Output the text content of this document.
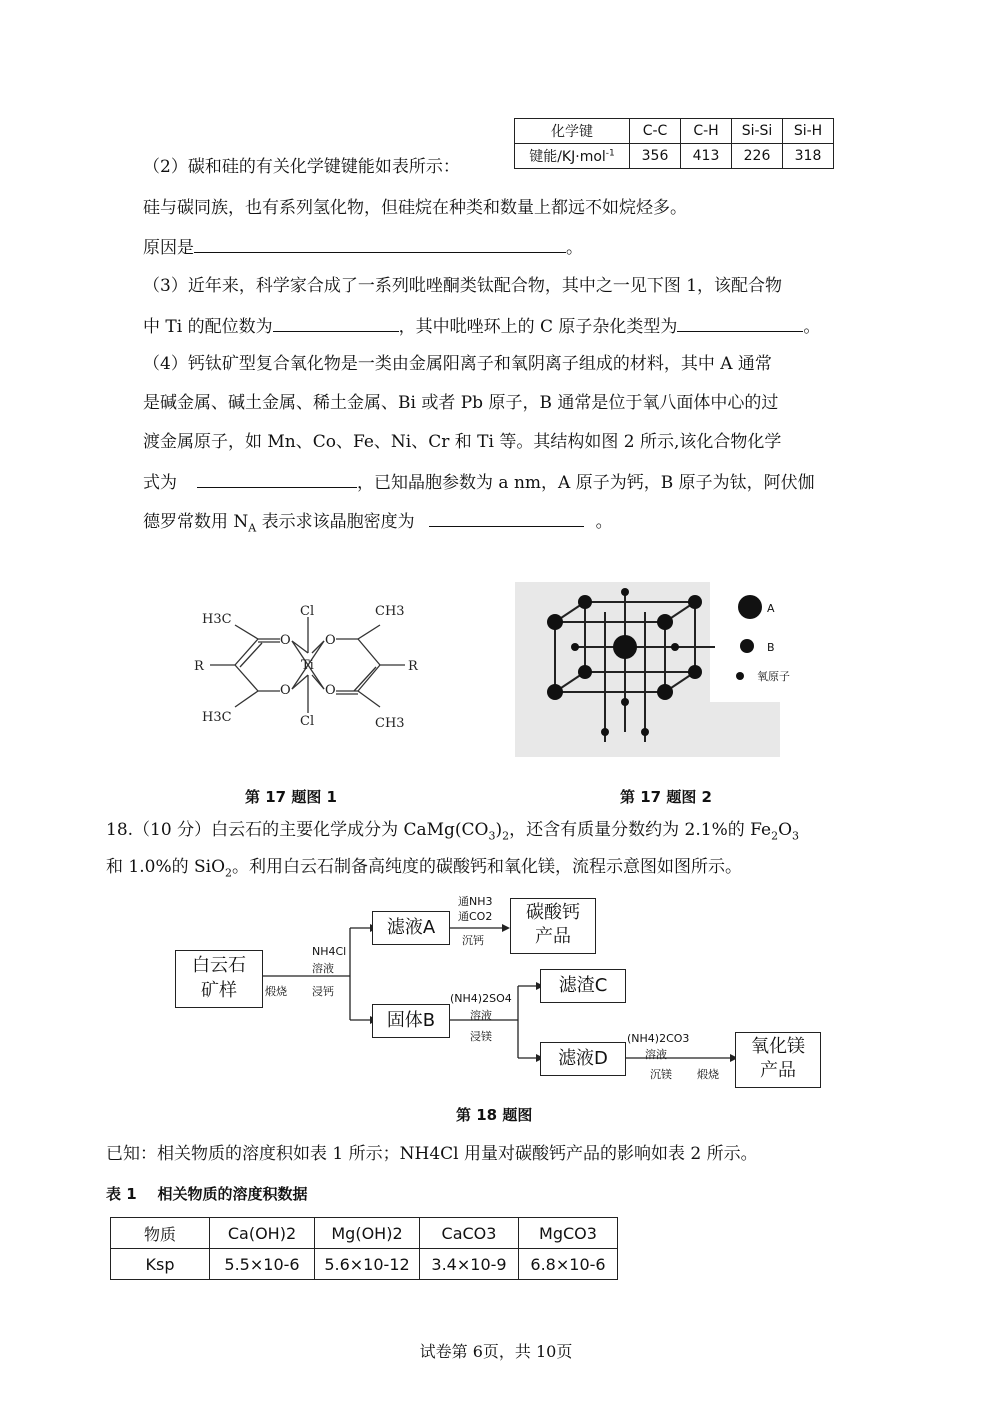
化学键	C-C	C-H	Si-Si	Si-H
键能/KJ·mol$^{-1}$	356	413	226	318
（2）碳和硅的有关化学键键能如表所示：
硅与碳同族，也有系列氢化物，但硅烷在种类和数量上都远不如烷烃多。
原因是	。
（3）近年来，科学家合成了一系列吡唑酮类钛配合物，其中之一见下图 1，该配合物
中 Ti 的配位数为	，其中吡唑环上的 C 原子杂化类型为	。
（4）钙钛矿型复合氧化物是一类由金属阳离子和氧阴离子组成的材料，其中 A 通常
是碱金属、碱土金属、稀土金属、Bi 或者 Pb 原子，B 通常是位于氧八面体中心的过
渡金属原子，如 Mn、Co、Fe、Ni、Cr 和 Ti 等。其结构如图 2 所示,该化合物化学
式为	，已知晶胞参数为 a nm，A 原子为钙，B 原子为钛，阿伏伽
德罗常数用 $N_A$ 表示求该晶胞密度为	。
H3C
CH3
H3C	CH3
Cl
Cl
Ti
R	R
O
O
O
O
第 17 题图 1
A
B
氧原子
第 17 题图 2
18.（10 分）白云石的主要化学成分为 $CaMg(CO_3)_2$，还含有质量分数约为 2.1%的 $Fe_2O_3$
和 1.0%的 SiO$_2$。利用白云石制备高纯度的碳酸钙和氧化镁，流程示意图如图所示。
白云石
矿样	煅烧
NH4Cl
溶液
浸钙
滤液A
通NH3
通CO2
沉钙
碳酸钙
产品
固体B
(NH4)2SO4
溶液
浸镁
滤渣C
滤液D
(NH4)2CO3
溶液
沉镁 煅烧
氧化镁
产品
第 18 题图
已知：相关物质的溶度积如表 1 所示；NH4Cl 用量对碳酸钙产品的影响如表 2 所示。
表 1    相关物质的溶度积数据
物质	Ca(OH)2	Mg(OH)2	CaCO3	MgCO3
Ksp	5.5×10-6	5.6×10-12	3.4×10-9	6.8×10-6
试卷第 6页，共 10页
